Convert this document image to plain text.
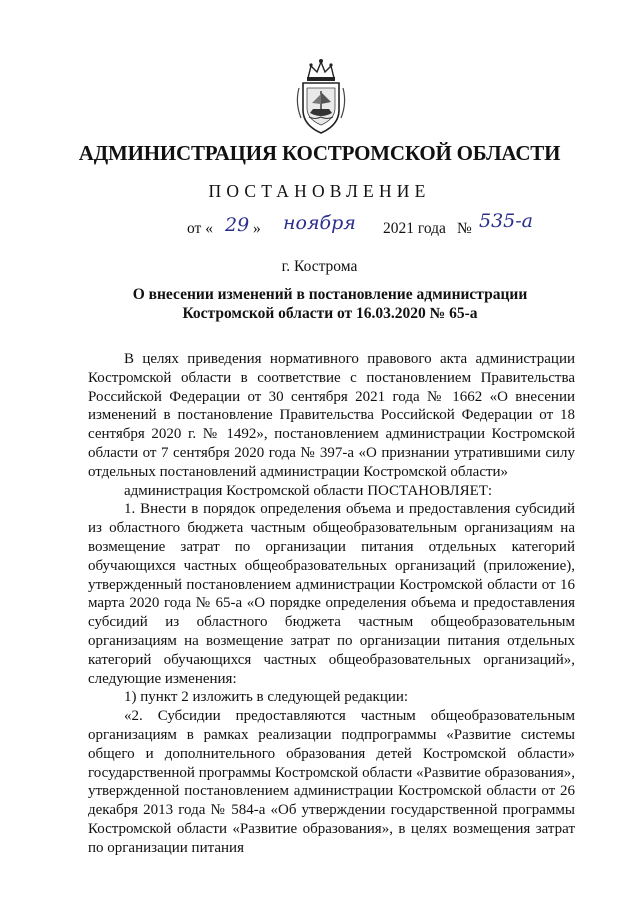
АДМИНИСТРАЦИЯ КОСТРОМСКОЙ ОБЛАСТИ
ПОСТАНОВЛЕНИЕ
от « 29 » ноября 2021 года № 535-а
г. Кострома
О внесении изменений в постановление администрации
Костромской области от 16.03.2020 № 65-а

В целях приведения нормативного правового акта администрации Костромской области в соответствие с постановлением Правительства Российской Федерации от 30 сентября 2021 года № 1662 «О внесении изменений в постановление Правительства Российской Федерации от 18 сентября 2020 г. № 1492», постановлением администрации Костромской области от 7 сентября 2020 года № 397-а «О признании утратившими силу отдельных постановлений администрации Костромской области»

администрация Костромской области ПОСТАНОВЛЯЕТ:

1. Внести в порядок определения объема и предоставления субсидий из областного бюджета частным общеобразовательным организациям на возмещение затрат по организации питания отдельных категорий обучающихся частных общеобразовательных организаций (приложение), утвержденный постановлением администрации Костромской области от 16 марта 2020 года № 65-а «О порядке определения объема и предоставления субсидий из областного бюджета частным общеобразовательным организациям на возмещение затрат по организации питания отдельных категорий обучающихся частных общеобразовательных организаций», следующие изменения:

1) пункт 2 изложить в следующей редакции:

«2. Субсидии предоставляются частным общеобразовательным организациям в рамках реализации подпрограммы «Развитие системы общего и дополнительного образования детей Костромской области» государственной программы Костромской области «Развитие образования», утвержденной постановлением администрации Костромской области от 26 декабря 2013 года № 584-а «Об утверждении государственной программы Костромской области «Развитие образования», в целях возмещения затрат по организации питания
